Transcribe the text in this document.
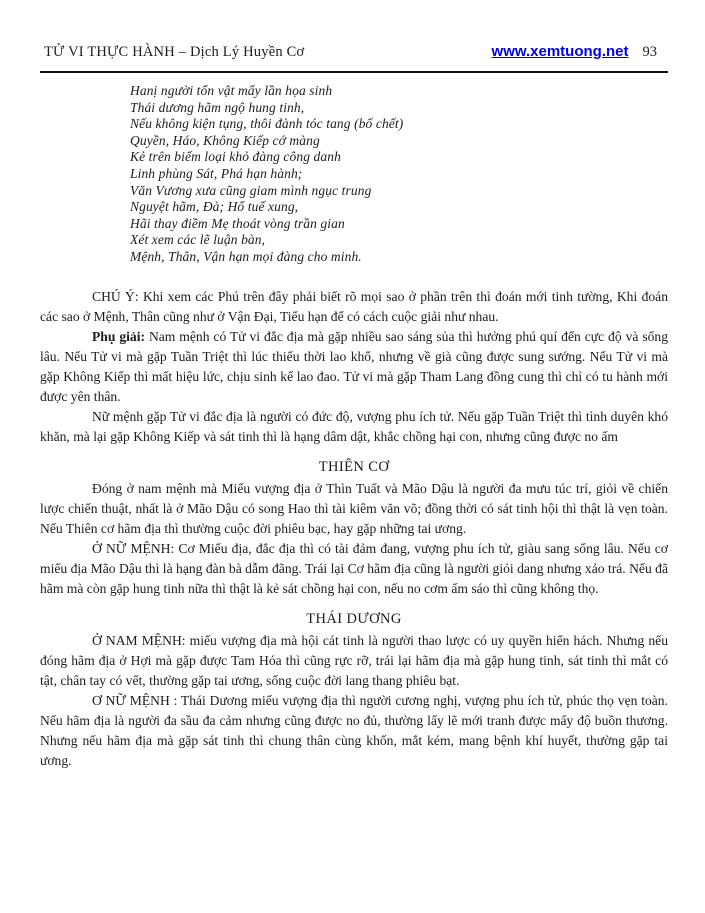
TỬ VI THỰC HÀNH – Dịch Lý Huyền Cơ	www.xemtuong.net 93
Hanị người tổn vật mấy lần họa sinh
Thái dương hãm ngộ hung tinh,
Nếu không kiện tụng, thôi đành tóc tang (bố chết)
Quyền, Háo, Không Kiếp cớ màng
Kẻ trên biếm loại khỏ đàng công danh
Linh phùng Sát, Phá hạn hành;
Văn Vương xưa cũng giam mình ngục trung
Nguyệt hãm, Đà; Hổ tuế xung,
Hãi thay điềm Mẹ thoát vòng trần gian
Xét xem các lẽ luận bàn,
Mệnh, Thân, Vận hạn mọi đàng cho minh.

CHÚ Ý: Khi xem các Phú trên đây phải biết rõ mọi sao ở phần trên thì đoán mới tinh tường, Khi đoán các sao ở Mệnh, Thân cũng như ở Vận Đại, Tiểu hạn để có cách cuộc giải như nhau.

Phụ giải: Nam mệnh có Tử vi đắc địa mà gặp nhiều sao sáng sủa thì hưởng phú quí đến cực độ và sống lâu. Nếu Tử vi mà gặp Tuần Triệt thì lúc thiếu thời lao khổ, nhưng về già cũng được sung sướng. Nếu Tử vi mà gặp Không Kiếp thì mất hiệu lức, chịu sinh kế lao đao. Tử vi mà gặp Tham Lang đồng cung thì chỉ có tu hành mới được yên thân.

Nữ mệnh gặp Tử vi đắc địa là người có đức độ, vượng phu ích tử. Nếu gặp Tuần Triệt thì tình duyên khó khăn, mà lại gặp Không Kiếp và sát tinh thì là hạng dâm dật, khắc chồng hại con, nhưng cũng được no ấm

THIÊN CƠ

Đóng ở nam mệnh mà Miếu vượng địa ở Thìn Tuất và Mão Dậu là người đa mưu túc trí, giỏi về chiến lược chiến thuật, nhất là ở Mão Dậu có song Hao thì tài kiêm văn võ; đồng thời có sát tinh hội thì thật là vẹn toàn. Nếu Thiên cơ hãm địa thì thường cuộc đời phiêu bạc, hay gặp những tai ương.

Ở NỮ MỆNH: Cơ Miếu địa, đắc địa thì có tài đảm đang, vượng phu ích tử, giàu sang sống lâu. Nếu cơ miếu địa Mão Dậu thì là hạng đàn bà dẫm đãng. Trái lại Cơ hãm địa cũng là người giỏi dang nhưng xảo trá. Nếu đã hãm mà còn gặp hung tinh nữa thì thật là kẻ sát chồng hại con, nếu no cơm ấm sáo thì cũng không thọ.

THÁI DƯƠNG

Ở NAM MỆNH: miếu vượng địa mà hội cát tinh là người thao lược có uy quyền hiển hách. Nhưng nếu đóng hãm địa ở Hợi mà gặp được Tam Hóa thì cũng rực rỡ, trái lại hãm địa mà gặp hung tinh, sát tinh thì mắt có tật, chân tay có vết, thường gặp tai ương, sống cuộc đời lang thang phiêu bạt.

Ơ NỮ MỆNH : Thái Dương miếu vượng địa thì người cương nghị, vượng phu ích tử, phúc thọ vẹn toàn. Nếu hãm địa là người đa sầu đa cảm nhưng cũng được no đủ, thường lấy lẽ mới tranh được mấy độ buồn thương. Nhưng nếu hãm địa mà gặp sát tinh thì chung thân cùng khốn, mắt kém, mang bệnh khí huyết, thường gặp tai ương.
